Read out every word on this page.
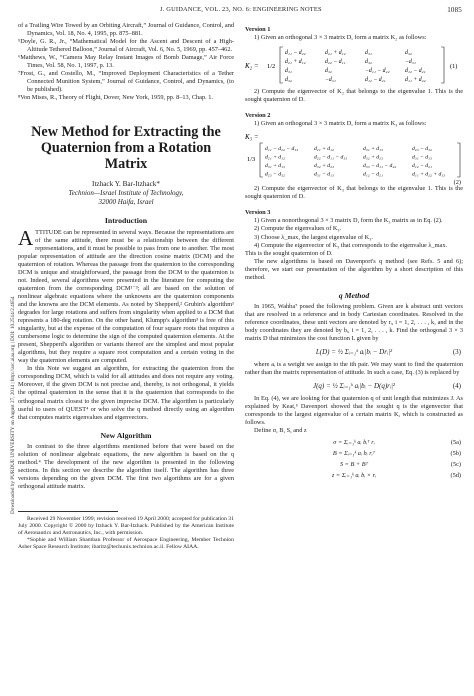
J. GUIDANCE, VOL. 23, NO. 6: ENGINEERING NOTES	1085
Downloaded by PURDUE UNIVERSITY on August 27, 2014 | http://arc.aiaa.org | DOI: 10.2514/2.4654

of a Trailing Wire Towed by an Orbiting Aircraft,” Journal of Guidance, Control, and Dynamics, Vol. 18, No. 4, 1995, pp. 875–881.

⁵Doyle, G. R., Jr., “Mathematical Model for the Ascent and Descent of a High-Altitude Tethered Balloon,” Journal of Aircraft, Vol. 6, No. 5, 1969, pp. 457–462.

⁶Matthews, W., “Camera May Relay Instant Images of Bomb Damage,” Air Force Times, Vol. 58, No. 1, 1997, p. 13.

⁷Frost, G., and Costello, M., “Improved Deployment Characteristics of a Tether Connected Munition System,” Journal of Guidance, Control, and Dynamics, (to be published).

⁸Von Mises, R., Theory of Flight, Dover, New York, 1959, pp. 8–13, Chap. 1.

New Method for Extracting the Quaternion from a Rotation Matrix
Itzhack Y. Bar-Itzhack*
Technion—Israel Institute of Technology,
32000 Haifa, Israel
Introduction

ATTITUDE can be represented in several ways. Because the representations are of the same attitude, there must be a relationship between the different representations, and it must be possible to pass from one to another. The most popular representation of attitude are the direction cosine matrix (DCM) and the quaternion of rotation. Whereas the passage from the quaternion to the corresponding DCM is unique and straightforward, the passage from the DCM to the quaternion is not. Indeed, several algorithms were presented in the literature for computing the quaternion from the corresponding DCM¹⁻³; all are based on the solution of nonlinear algebraic equations where the unknowns are the quaternion components and the knowns are the DCM elements. As noted by Shepperd,² Grubin's algorithm¹ degrades for large rotations and suffers from singularity when applied to a DCM that represents a 180-deg rotation. On the other hand, Klumpp's algorithm³ is free of this singularity, but at the expense of the computation of four square roots that requires a cumbersome logic to determine the sign of the computed quaternion elements. At the present, Shepperd's algorithm or variants thereof are the simplest and most popular algorithms, but they require a square root computation and a certain voting in the way the quaternion elements are computed.

In this Note we suggest an algorithm, for extracting the quaternion from the corresponding DCM, which is valid for all attitudes and does not require any voting. Moreover, if the given DCM is not precise and, thereby, is not orthogonal, it yields the optimal quaternion in the sense that it is the quaternion that corresponds to the orthogonal matrix closest to the given imprecise DCM. The algorithm is particularly useful to users of QUEST⁴ or who solve the q method directly using an algorithm that computes matrix eigenvalues and eigenvectors.

New Algorithm

In contrast to the three algorithms mentioned before that were based on the solution of nonlinear algebraic equations, the new algorithm is based on the q method.⁴ The development of the new algorithm is presented in the following sections. In this section we describe the algorithm itself. The algorithm has three versions depending on the given DCM. The first two algorithms are for a given orthogonal attitude matrix.

Received 29 November 1999; revision received 19 April 2000; accepted for publication 31 July 2000. Copyright © 2000 by Itzhack Y. Bar-Itzhack. Published by the American Institute of Aeronautics and Astronautics, Inc., with permission.

*Sophie and William Shamban Professor of Aerospace Engineering, Member Technion Asher Space Research Institute; ibaritz@techunix.technion.ac.il. Fellow AIAA.

Version 1

1) Given an orthogonal 3 × 3 matrix D, form a matrix K₂ as follows:

K₂ = 1/2
d₁₁ − d₂₂	d₂₁ + d₁₂	d₃₁	d₃₂
d₂₁ + d₁₂	d₂₂ − d₁₁	d₃₂	−d₃₁
d₃₁	d₃₂	−d₁₁ − d₂₂	d₁₂ − d₂₁
d₃₂	−d₃₁	d₁₂ − d₂₁	d₁₁ + d₂₂
(1)

2) Compute the eigenvector of K₂ that belongs to the eigenvalue 1. This is the sought quaternion of D.

Version 2

1) Given an orthogonal 3 × 3 matrix D, form a matrix K₃ as follows:

K₃ =
1/3
d₁₁ − d₂₂ − d₃₃	d₂₁ + d₁₂	d₃₁ + d₁₃	d₂₃ − d₃₂
d₂₁ + d₁₂	d₂₂ − d₁₁ − d₃₃	d₃₂ + d₂₃	d₃₁ − d₁₃
d₃₁ + d₁₃	d₃₂ + d₂₃	d₃₃ − d₁₁ − d₂₂	d₁₂ − d₂₁
d₂₃ − d₃₂	d₃₁ − d₁₃	d₁₂ − d₂₁	d₁₁ + d₂₂ + d₃₃
(2)

2) Compute the eigenvector of K₃ that belongs to the eigenvalue 1. This is the sought quaternion of D.

Version 3

1) Given a nonorthogonal 3 × 3 matrix D, form the K₃ matrix as in Eq. (2).

2) Compute the eigenvalues of K₃.

3) Choose λ_max, the largest eigenvalue of K₃.

4) Compute the eigenvector of K₃ that corresponds to the eigenvalue λ_max.

This is the sought quaternion of D.

The new algorithms is based on Davenport's q method (see Refs. 5 and 6); therefore, we start our presentation of the algorithm by a short description of this method.

q Method

In 1965, Wahba⁷ posed the following problem. Given are k abstract unit vectors that are resolved in a reference and in body Cartesian coordinates. Resolved in the reference coordinates, these unit vectors are denoted by rᵢ, i = 1, 2, . . . , k, and in the body coordinates they are denoted by bᵢ, i = 1, 2, . . . , k. Find the orthogonal 3 × 3 matrix D that minimizes the cost function L given by

L(D) = ½ Σᵢ₌₁ᵏ aᵢ|bᵢ − Drᵢ|²	(3)

where aᵢ is a weight we assign to the ith pair. We may want to find the quaternion rather than the matrix representation of attitude. In such a case, Eq. (3) is replaced by

J(q) = ½ Σᵢ₌₁ᵏ aᵢ|bᵢ − D(q)rᵢ|²	(4)

In Eq. (4), we are looking for that quaternion q of unit length that minimizes J. As explained by Keat,⁵ Davenport showed that the sought q is the eigenvector that corresponds to the largest eigenvalue of a certain matrix K, which is constructed as follows.

Define σ, B, S, and z

σ = Σᵢ₌₁ᵏ aᵢ bᵢᵀ rᵢ	(5a)
B = Σᵢ₌₁ᵏ aᵢ bᵢ rᵢᵀ	(5b)
S = B + Bᵀ	(5c)
z = Σᵢ₌₁ᵏ aᵢ bᵢ × rᵢ	(5d)
